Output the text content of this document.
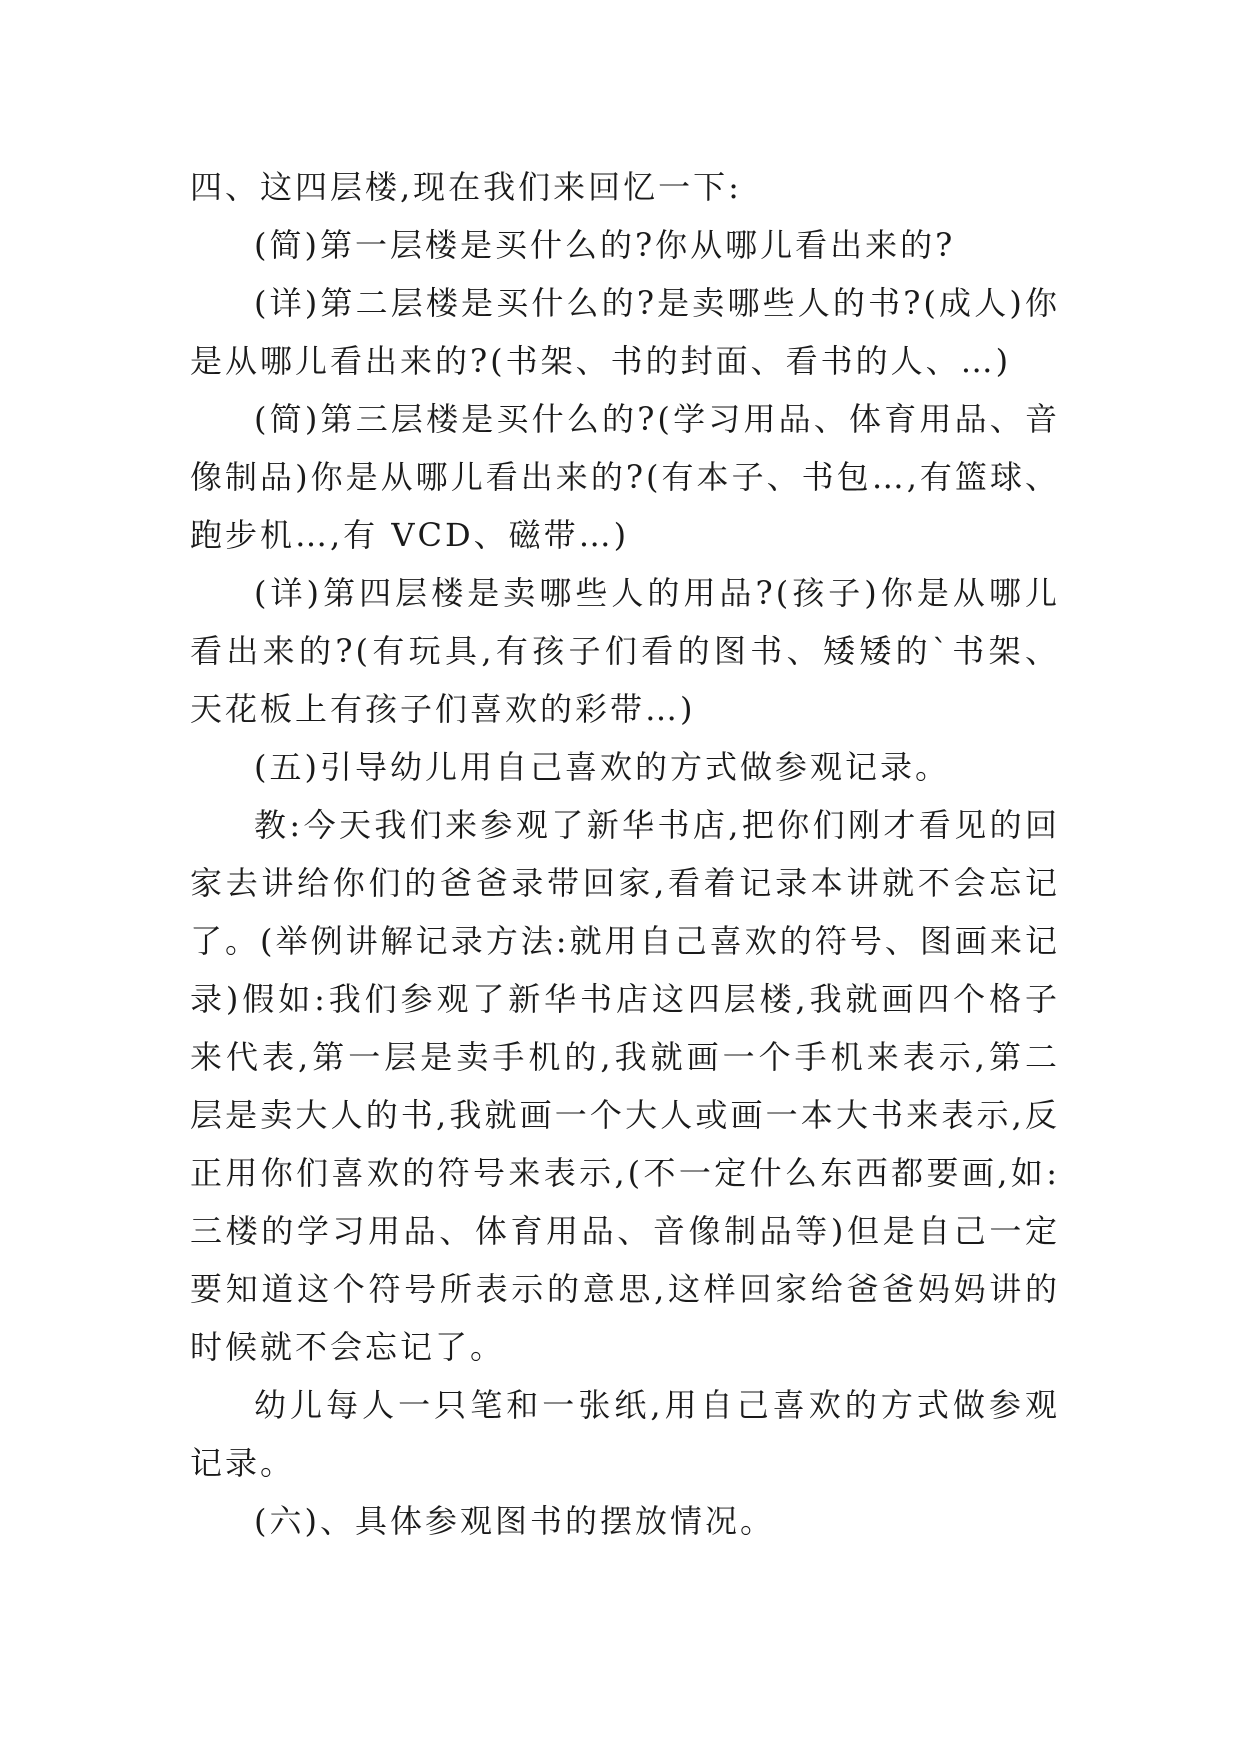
四、这四层楼,现在我们来回忆一下:

(简)第一层楼是买什么的?你从哪儿看出来的?

(详)第二层楼是买什么的?是卖哪些人的书?(成人)你是从哪儿看出来的?(书架、书的封面、看书的人、…)

(简)第三层楼是买什么的?(学习用品、体育用品、音像制品)你是从哪儿看出来的?(有本子、书包…,有篮球、跑步机…,有 VCD、磁带…)

(详)第四层楼是卖哪些人的用品?(孩子)你是从哪儿看出来的?(有玩具,有孩子们看的图书、矮矮的`书架、天花板上有孩子们喜欢的彩带…)

(五)引导幼儿用自己喜欢的方式做参观记录。

教:今天我们来参观了新华书店,把你们刚才看见的回家去讲给你们的爸爸录带回家,看着记录本讲就不会忘记了。(举例讲解记录方法:就用自己喜欢的符号、图画来记录)假如:我们参观了新华书店这四层楼,我就画四个格子来代表,第一层是卖手机的,我就画一个手机来表示,第二层是卖大人的书,我就画一个大人或画一本大书来表示,反正用你们喜欢的符号来表示,(不一定什么东西都要画,如:三楼的学习用品、体育用品、音像制品等)但是自己一定要知道这个符号所表示的意思,这样回家给爸爸妈妈讲的时候就不会忘记了。

幼儿每人一只笔和一张纸,用自己喜欢的方式做参观记录。

(六)、具体参观图书的摆放情况。
